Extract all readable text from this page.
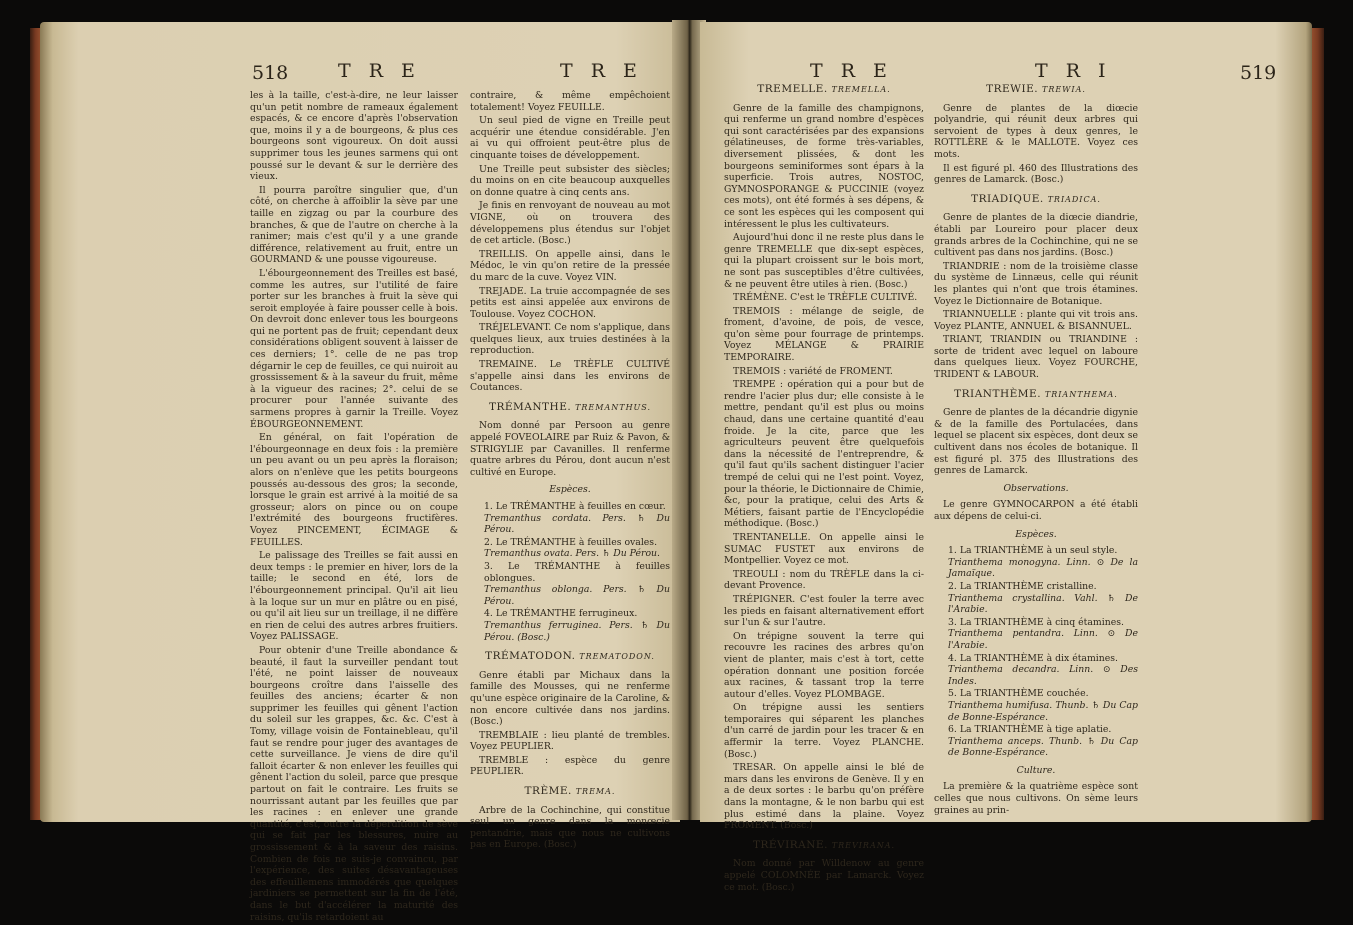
518	T R E	T R E

les à la taille, c'est-à-dire, ne leur laisser qu'un petit nombre de rameaux également espacés, & ce encore d'après l'observation que, moins il y a de bourgeons, & plus ces bourgeons sont vigoureux. On doit aussi supprimer tous les jeunes sarmens qui ont poussé sur le devant & sur le derrière des vieux.

Il pourra paroître singulier que, d'un côté, on cherche à affoiblir la sève par une taille en zigzag ou par la courbure des branches, & que de l'autre on cherche à la ranimer; mais c'est qu'il y a une grande différence, relativement au fruit, entre un GOURMAND & une pousse vigoureuse.

L'ébourgeonnement des Treilles est basé, comme les autres, sur l'utilité de faire porter sur les branches à fruit la sève qui seroit employée à faire pousser celle à bois. On devroit donc enlever tous les bourgeons qui ne portent pas de fruit; cependant deux considérations obligent souvent à laisser de ces derniers; 1°. celle de ne pas trop dégarnir le cep de feuilles, ce qui nuiroit au grossissement & à la saveur du fruit, même à la vigueur des racines; 2°. celui de se procurer pour l'année suivante des sarmens propres à garnir la Treille. Voyez ÉBOURGEONNEMENT.

En général, on fait l'opération de l'ébourgeonnage en deux fois : la première un peu avant ou un peu après la floraison; alors on n'enlève que les petits bourgeons poussés au-dessous des gros; la seconde, lorsque le grain est arrivé à la moitié de sa grosseur; alors on pince ou on coupe l'extrémité des bourgeons fructifères. Voyez PINCEMENT, ÉCIMAGE & FEUILLES.

Le palissage des Treilles se fait aussi en deux temps : le premier en hiver, lors de la taille; le second en été, lors de l'ébourgeonnement principal. Qu'il ait lieu à la loque sur un mur en plâtre ou en pisé, ou qu'il ait lieu sur un treillage, il ne diffère en rien de celui des autres arbres fruitiers. Voyez PALISSAGE.

Pour obtenir d'une Treille abondance & beauté, il faut la surveiller pendant tout l'été, ne point laisser de nouveaux bourgeons croître dans l'aisselle des feuilles des anciens; écarter & non supprimer les feuilles qui gênent l'action du soleil sur les grappes, &c. &c. C'est à Tomy, village voisin de Fontainebleau, qu'il faut se rendre pour juger des avantages de cette surveillance. Je viens de dire qu'il falloit écarter & non enlever les feuilles qui gênent l'action du soleil, parce que presque partout on fait le contraire. Les fruits se nourrissant autant par les feuilles que par les racines : en enlever une grande quantité, c'est, outre la déperdition de sève qui se fait par les blessures, nuire au grossissement & à la saveur des raisins. Combien de fois ne suis-je convaincu, par l'expérience, des suites désavantageuses des effeuillemens immodérés que quelques jardiniers se permettent sur la fin de l'été, dans le but d'accélérer la maturité des raisins, qu'ils retardoient au

contraire, & même empêchoient totalement! Voyez FEUILLE.

Un seul pied de vigne en Treille peut acquérir une étendue considérable. J'en ai vu qui offroient peut-être plus de cinquante toises de développement.

Une Treille peut subsister des siècles; du moins on en cite beaucoup auxquelles on donne quatre à cinq cents ans.

Je finis en renvoyant de nouveau au mot VIGNE, où on trouvera des développemens plus étendus sur l'objet de cet article. (Bosc.)

TREILLIS. On appelle ainsi, dans le Médoc, le vin qu'on retire de la pressée du marc de la cuve. Voyez VIN.

TREJADE. La truie accompagnée de ses petits est ainsi appelée aux environs de Toulouse. Voyez COCHON.

TRÉJELEVANT. Ce nom s'applique, dans quelques lieux, aux truies destinées à la reproduction.

TREMAINE. Le TRÈFLE CULTIVÉ s'appelle ainsi dans les environs de Coutances.

TRÉMANTHE. TREMANTHUS.

Nom donné par Persoon au genre appelé FOVEOLAIRE par Ruiz & Pavon, & STRIGYLIE par Cavanilles. Il renferme quatre arbres du Pérou, dont aucun n'est cultivé en Europe.

Espèces.
1. Le TRÉMANTHE à feuilles en cœur.
Tremanthus cordata. Pers. ♄ Du Pérou.
2. Le TRÉMANTHE à feuilles ovales.
Tremanthus ovata. Pers. ♄ Du Pérou.
3. Le TRÉMANTHE à feuilles oblongues.
Tremanthus oblonga. Pers. ♄ Du Pérou.
4. Le TRÉMANTHE ferrugineux.
Tremanthus ferruginea. Pers. ♄ Du Pérou. (Bosc.)
TRÉMATODON. TREMATODON.

Genre établi par Michaux dans la famille des Mousses, qui ne renferme qu'une espèce originaire de la Caroline, & non encore cultivée dans nos jardins. (Bosc.)

TREMBLAIE : lieu planté de trembles. Voyez PEUPLIER.

TREMBLE : espèce du genre PEUPLIER.

TRÈME. TREMA.

Arbre de la Cochinchine, qui constitue seul un genre dans la monœcie pentandrie, mais que nous ne cultivons pas en Europe. (Bosc.)

T R E	T R I	519
TREMELLE. TREMELLA.

Genre de la famille des champignons, qui renferme un grand nombre d'espèces qui sont caractérisées par des expansions gélatineuses, de forme très-variables, diversement plissées, & dont les bourgeons seminiformes sont épars à la superficie. Trois autres, NOSTOC, GYMNOSPORANGE & PUCCINIE (voyez ces mots), ont été formés à ses dépens, & ce sont les espèces qui les composent qui intéressent le plus les cultivateurs.

Aujourd'hui donc il ne reste plus dans le genre TREMELLE que dix-sept espèces, qui la plupart croissent sur le bois mort, ne sont pas susceptibles d'être cultivées, & ne peuvent être utiles à rien. (Bosc.)

TRÉMÈNE. C'est le TRÈFLE CULTIVÉ.

TREMOIS : mélange de seigle, de froment, d'avoine, de pois, de vesce, qu'on sème pour fourrage de printemps. Voyez MÉLANGE & PRAIRIE TEMPORAIRE.

TREMOIS : variété de FROMENT.

TREMPE : opération qui a pour but de rendre l'acier plus dur; elle consiste à le mettre, pendant qu'il est plus ou moins chaud, dans une certaine quantité d'eau froide. Je la cite, parce que les agriculteurs peuvent être quelquefois dans la nécessité de l'entreprendre, & qu'il faut qu'ils sachent distinguer l'acier trempé de celui qui ne l'est point. Voyez, pour la théorie, le Dictionnaire de Chimie, &c, pour la pratique, celui des Arts & Métiers, faisant partie de l'Encyclopédie méthodique. (Bosc.)

TRENTANELLE. On appelle ainsi le SUMAC FUSTET aux environs de Montpellier. Voyez ce mot.

TREOULI : nom du TRÈFLE dans la ci-devant Provence.

TRÉPIGNER. C'est fouler la terre avec les pieds en faisant alternativement effort sur l'un & sur l'autre.

On trépigne souvent la terre qui recouvre les racines des arbres qu'on vient de planter, mais c'est à tort, cette opération donnant une position forcée aux racines, & tassant trop la terre autour d'elles. Voyez PLOMBAGE.

On trépigne aussi les sentiers temporaires qui séparent les planches d'un carré de jardin pour les tracer & en affermir la terre. Voyez PLANCHE. (Bosc.)

TRESAR. On appelle ainsi le blé de mars dans les environs de Genève. Il y en a de deux sortes : le barbu qu'on préfère dans la montagne, & le non barbu qui est plus estimé dans la plaine. Voyez FROMENT. (Bosc.)

TRÉVIRANE. TREVIRANA.

Nom donné par Willdenow au genre appelé COLOMNÉE par Lamarck. Voyez ce mot. (Bosc.)

TREWIE. TREWIA.

Genre de plantes de la diœcie polyandrie, qui réunit deux arbres qui servoient de types à deux genres, le ROTTLÈRE & le MALLOTE. Voyez ces mots.

Il est figuré pl. 460 des Illustrations des genres de Lamarck. (Bosc.)

TRIADIQUE. TRIADICA.

Genre de plantes de la diœcie diandrie, établi par Loureiro pour placer deux grands arbres de la Cochinchine, qui ne se cultivent pas dans nos jardins. (Bosc.)

TRIANDRIE : nom de la troisième classe du système de Linnæus, celle qui réunit les plantes qui n'ont que trois étamines. Voyez le Dictionnaire de Botanique.

TRIANNUELLE : plante qui vit trois ans. Voyez PLANTE, ANNUEL & BISANNUEL.

TRIANT, TRIANDIN ou TRIANDINE : sorte de trident avec lequel on laboure dans quelques lieux. Voyez FOURCHE, TRIDENT & LABOUR.

TRIANTHÈME. TRIANTHEMA.

Genre de plantes de la décandrie digynie & de la famille des Portulacées, dans lequel se placent six espèces, dont deux se cultivent dans nos écoles de botanique. Il est figuré pl. 375 des Illustrations des genres de Lamarck.

Observations.

Le genre GYMNOCARPON a été établi aux dépens de celui-ci.

Espèces.
1. La TRIANTHÈME à un seul style.
Trianthema monogyna. Linn. ⊙ De la Jamaïque.
2. La TRIANTHÈME cristalline.
Trianthema crystallina. Vahl. ♄ De l'Arabie.
3. La TRIANTHÈME à cinq étamines.
Trianthema pentandra. Linn. ⊙ De l'Arabie.
4. La TRIANTHÈME à dix étamines.
Trianthema decandra. Linn. ⊙ Des Indes.
5. La TRIANTHÈME couchée.
Trianthema humifusa. Thunb. ♄ Du Cap de Bonne-Espérance.
6. La TRIANTHÈME à tige aplatie.
Trianthema anceps. Thunb. ♄ Du Cap de Bonne-Espérance.
Culture.

La première & la quatrième espèce sont celles que nous cultivons. On sème leurs graines au prin-
